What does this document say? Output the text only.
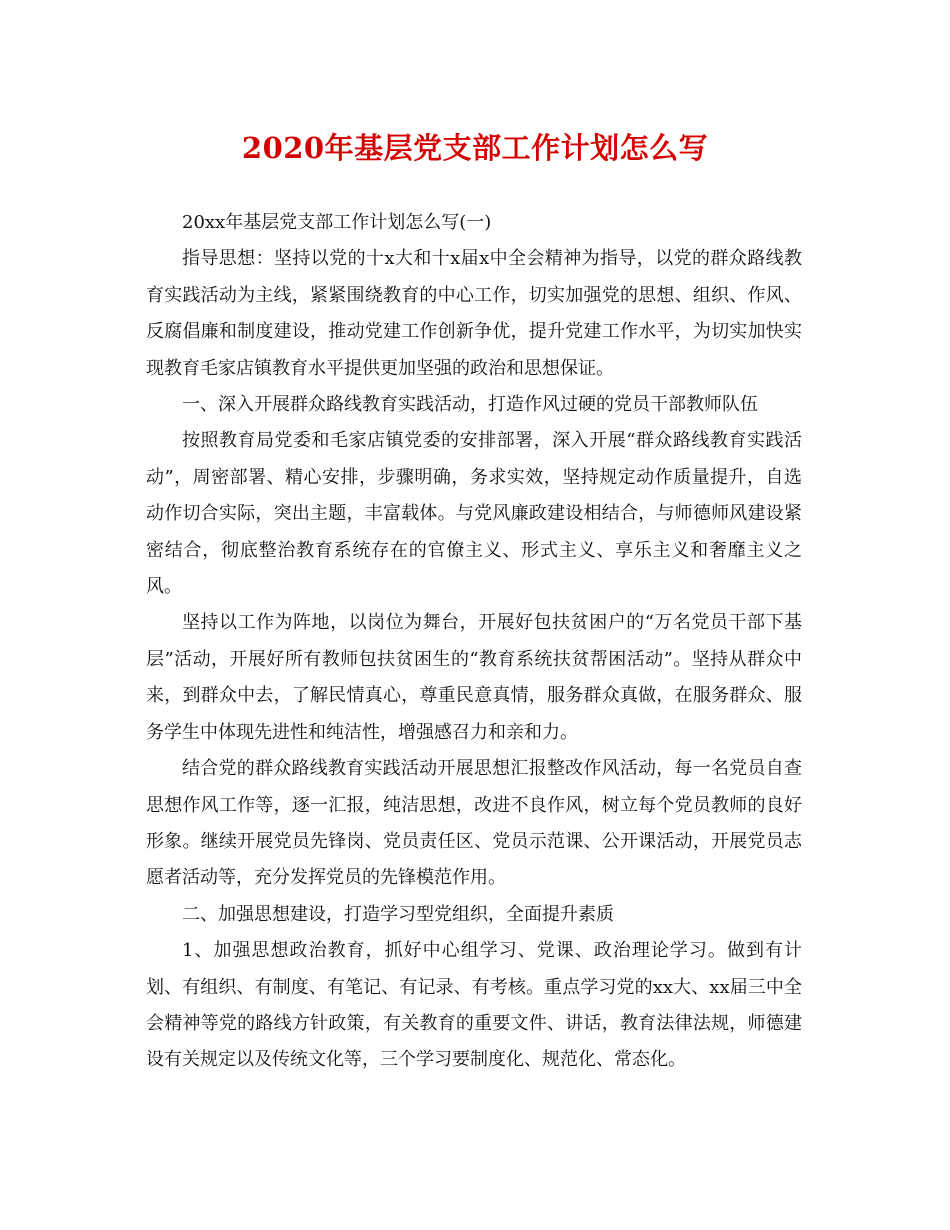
2020年基层党支部工作计划怎么写

20xx年基层党支部工作计划怎么写(一)

指导思想：坚持以党的十x大和十x届x中全会精神为指导，以党的群众路线教育实践活动为主线，紧紧围绕教育的中心工作，切实加强党的思想、组织、作风、反腐倡廉和制度建设，推动党建工作创新争优，提升党建工作水平，为切实加快实现教育毛家店镇教育水平提供更加坚强的政治和思想保证。

一、深入开展群众路线教育实践活动，打造作风过硬的党员干部教师队伍

按照教育局党委和毛家店镇党委的安排部署，深入开展“群众路线教育实践活动”，周密部署、精心安排，步骤明确，务求实效，坚持规定动作质量提升，自选动作切合实际，突出主题，丰富载体。与党风廉政建设相结合，与师德师风建设紧密结合，彻底整治教育系统存在的官僚主义、形式主义、享乐主义和奢靡主义之风。

坚持以工作为阵地，以岗位为舞台，开展好包扶贫困户的“万名党员干部下基层”活动，开展好所有教师包扶贫困生的“教育系统扶贫帮困活动”。坚持从群众中来，到群众中去，了解民情真心，尊重民意真情，服务群众真做，在服务群众、服务学生中体现先进性和纯洁性，增强感召力和亲和力。

结合党的群众路线教育实践活动开展思想汇报整改作风活动，每一名党员自查思想作风工作等，逐一汇报，纯洁思想，改进不良作风，树立每个党员教师的良好形象。继续开展党员先锋岗、党员责任区、党员示范课、公开课活动，开展党员志愿者活动等，充分发挥党员的先锋模范作用。

二、加强思想建设，打造学习型党组织，全面提升素质

1、加强思想政治教育，抓好中心组学习、党课、政治理论学习。做到有计划、有组织、有制度、有笔记、有记录、有考核。重点学习党的xx大、xx届三中全会精神等党的路线方针政策，有关教育的重要文件、讲话，教育法律法规，师德建设有关规定以及传统文化等，三个学习要制度化、规范化、常态化。
